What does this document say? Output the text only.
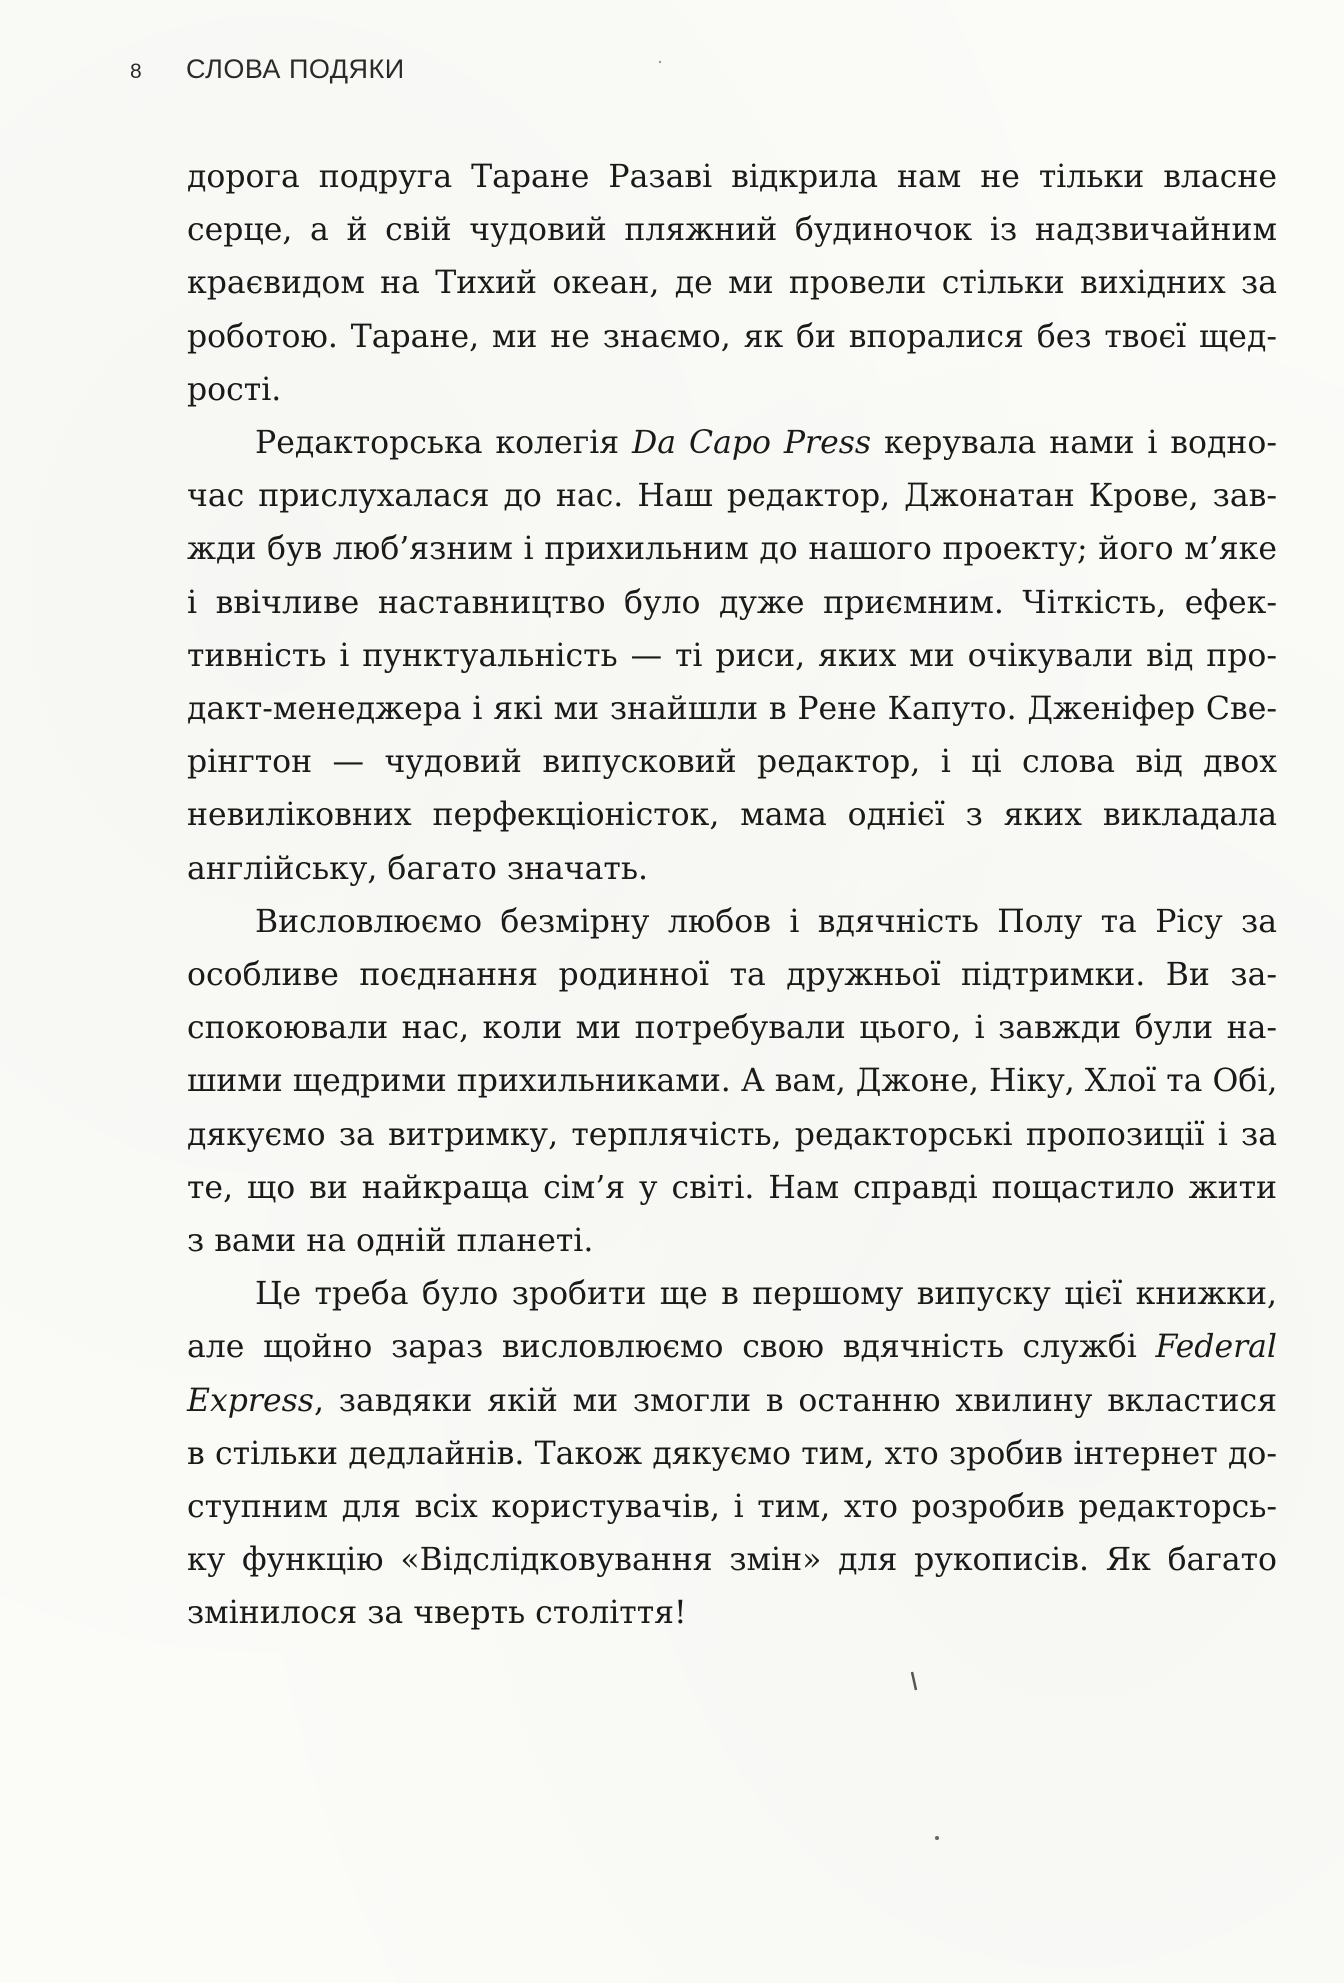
8 СЛОВА ПОДЯКИ
дорога подруга Таране Разаві відкрила нам не тільки власне
серце, а й свій чудовий пляжний будиночок із надзвичайним
краєвидом на Тихий океан, де ми провели стільки вихідних за
роботою. Таране, ми не знаємо, як би впоралися без твоєї щед-
рості.
Редакторська колегія Da Capo Press керувала нами і водно-
час прислухалася до нас. Наш редактор, Джонатан Крове, зав-
жди був люб’язним і прихильним до нашого проекту; його м’яке
і ввічливе наставництво було дуже приємним. Чіткість, ефек-
тивність і пунктуальність — ті риси, яких ми очікували від про-
дакт-менеджера і які ми знайшли в Рене Капуто. Дженіфер Све-
рінгтон — чудовий випусковий редактор, і ці слова від двох
невиліковних перфекціоністок, мама однієї з яких викладала
англійську, багато значать.
Висловлюємо безмірну любов і вдячність Полу та Рісу за
особливе поєднання родинної та дружньої підтримки. Ви за-
спокоювали нас, коли ми потребували цього, і завжди були на-
шими щедрими прихильниками. А вам, Джоне, Ніку, Хлої та Обі,
дякуємо за витримку, терплячість, редакторські пропозиції і за
те, що ви найкраща сім’я у світі. Нам справді пощастило жити
з вами на одній планеті.
Це треба було зробити ще в першому випуску цієї книжки,
але щойно зараз висловлюємо свою вдячність службі Federal
Express, завдяки якій ми змогли в останню хвилину вкластися
в стільки дедлайнів. Також дякуємо тим, хто зробив інтернет до-
ступним для всіх користувачів, і тим, хто розробив редакторсь-
ку функцію «Відслідковування змін» для рукописів. Як багато
змінилося за чверть століття!
